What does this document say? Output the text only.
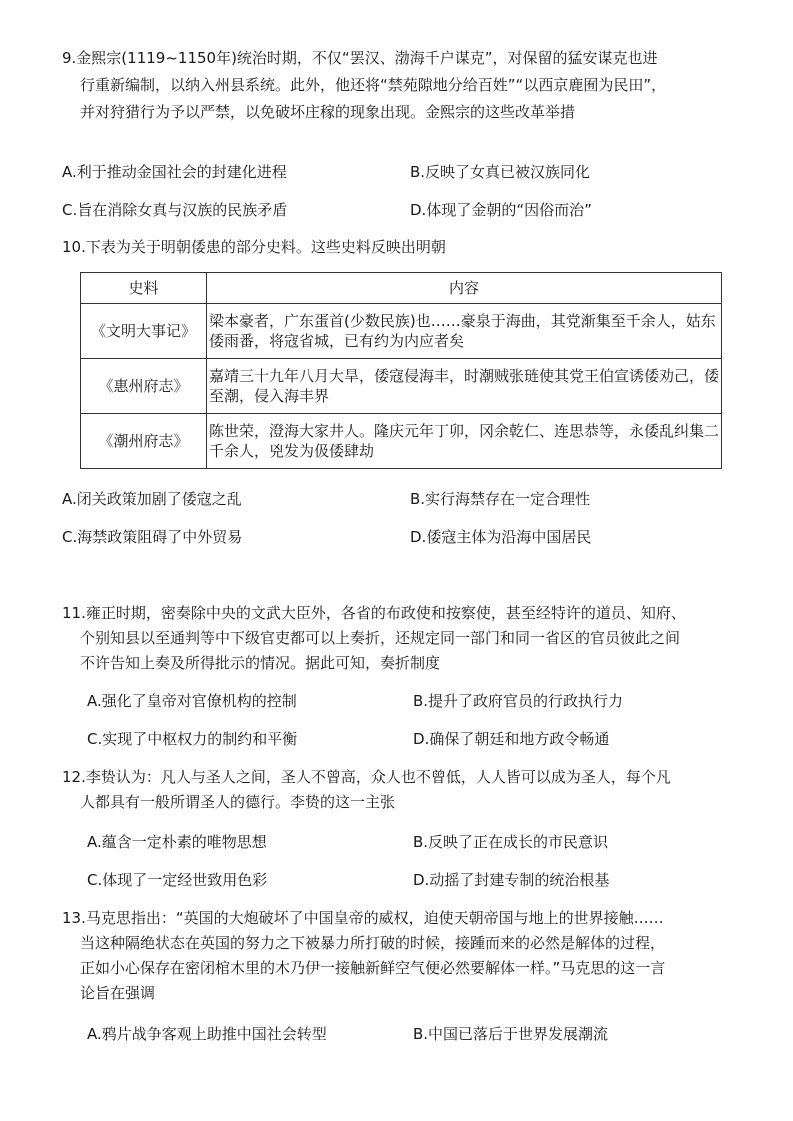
9.金熙宗(1119~1150年)统治时期，不仅“罢汉、渤海千户谋克”，对保留的猛安谋克也进
行重新编制，以纳入州县系统。此外，他还将“禁苑隙地分给百姓”“以西京鹿囿为民田”，
并对狩猎行为予以严禁，以免破坏庄稼的现象出现。金熙宗的这些改革举措
A.利于推动金国社会的封建化进程	B.反映了女真已被汉族同化
C.旨在消除女真与汉族的民族矛盾	D.体现了金朝的“因俗而治”
10.下表为关于明朝倭患的部分史料。这些史料反映出明朝
史料	内容
《文明大事记》	梁本豪者，广东蛋首(少数民族)也……豪泉于海曲，其党渐集至千余人，姑东倭雨番，将寇省城，已有约为内应者矣
《惠州府志》	嘉靖三十九年八月大旱，倭寇侵海丰，时潮贼张琏使其党王伯宣诱倭劝己，倭至潮，侵入海丰界
《潮州府志》	陈世荣，澄海大家井人。隆庆元年丁卯，冈余乾仁、连思恭等，永倭乱纠集二千余人，兇发为伋倭肆劫
A.闭关政策加剧了倭寇之乱	B.实行海禁存在一定合理性
C.海禁政策阻碍了中外贸易	D.倭寇主体为沿海中国居民
11.雍正时期，密奏除中央的文武大臣外，各省的布政使和按察使，甚至经特许的道员、知府、
个别知县以至通判等中下级官吏都可以上奏折，还规定同一部门和同一省区的官员彼此之间
不许告知上奏及所得批示的情况。据此可知，奏折制度
A.强化了皇帝对官僚机构的控制	B.提升了政府官员的行政执行力
C.实现了中枢权力的制约和平衡	D.确保了朝廷和地方政令畅通
12.李贽认为：凡人与圣人之间，圣人不曾高，众人也不曾低，人人皆可以成为圣人，每个凡
人都具有一般所谓圣人的德行。李贽的这一主张
A.蕴含一定朴素的唯物思想	B.反映了正在成长的市民意识
C.体现了一定经世致用色彩	D.动摇了封建专制的统治根基
13.马克思指出：“英国的大炮破坏了中国皇帝的威权，迫使天朝帝国与地上的世界接触……
当这种隔绝状态在英国的努力之下被暴力所打破的时候，接踵而来的必然是解体的过程，
正如小心保存在密闭棺木里的木乃伊一接触新鲜空气便必然要解体一样。”马克思的这一言
论旨在强调
A.鸦片战争客观上助推中国社会转型	B.中国已落后于世界发展潮流
